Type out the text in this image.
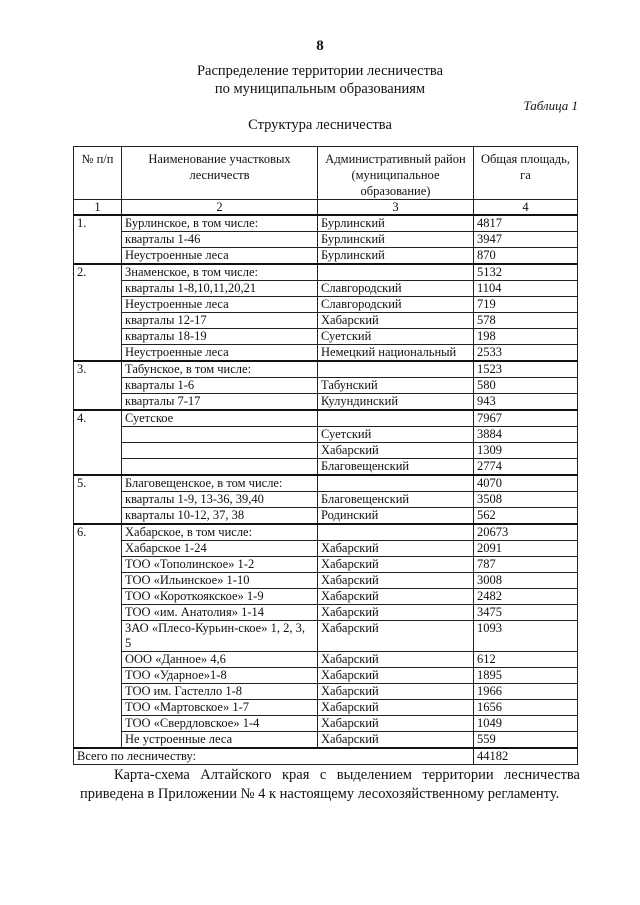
8
Распределение территории лесничества
по муниципальным образованиям
Таблица 1
Структура лесничества
№ п/п	Наименование участковых лесничеств	Административный район (муниципальное образование)	Общая площадь, га
1	2	3	4
1.	Бурлинское, в том числе:	Бурлинский	4817
	кварталы 1-46	Бурлинский	3947
	Неустроенные леса	Бурлинский	870
2.	Знаменское, в том числе:		5132
	кварталы 1-8,10,11,20,21	Славгородский	1104
	Неустроенные леса	Славгородский	719
	кварталы 12-17	Хабарский	578
	кварталы 18-19	Суетский	198
	Неустроенные леса	Немецкий национальный	2533
3.	Табунское, в том числе:		1523
	кварталы 1-6	Табунский	580
	кварталы 7-17	Кулундинский	943
4.	Суетское		7967
		Суетский	3884
		Хабарский	1309
		Благовещенский	2774
5.	Благовещенское, в том числе:		4070
	кварталы 1-9, 13-36, 39,40	Благовещенский	3508
	кварталы 10-12, 37, 38	Родинский	562
6.	Хабарское, в том числе:		20673
	Хабарское 1-24	Хабарский	2091
	ТОО «Тополинское» 1-2	Хабарский	787
	ТОО «Ильинское» 1-10	Хабарский	3008
	ТОО «Короткоякское» 1-9	Хабарский	2482
	ТОО «им. Анатолия» 1-14	Хабарский	3475
	ЗАО «Плесо-Курьин-ское» 1, 2, 3, 5	Хабарский	1093
	ООО «Данное» 4,6	Хабарский	612
	ТОО «Ударное»1-8	Хабарский	1895
	ТОО им. Гастелло 1-8	Хабарский	1966
	ТОО «Мартовское» 1-7	Хабарский	1656
	ТОО «Свердловское» 1-4	Хабарский	1049
	Не устроенные леса	Хабарский	559
Всего по лесничеству:			44182
Карта-схема Алтайского края с выделением территории лесничества приведена в Приложении № 4 к настоящему лесохозяйственному регламенту.
